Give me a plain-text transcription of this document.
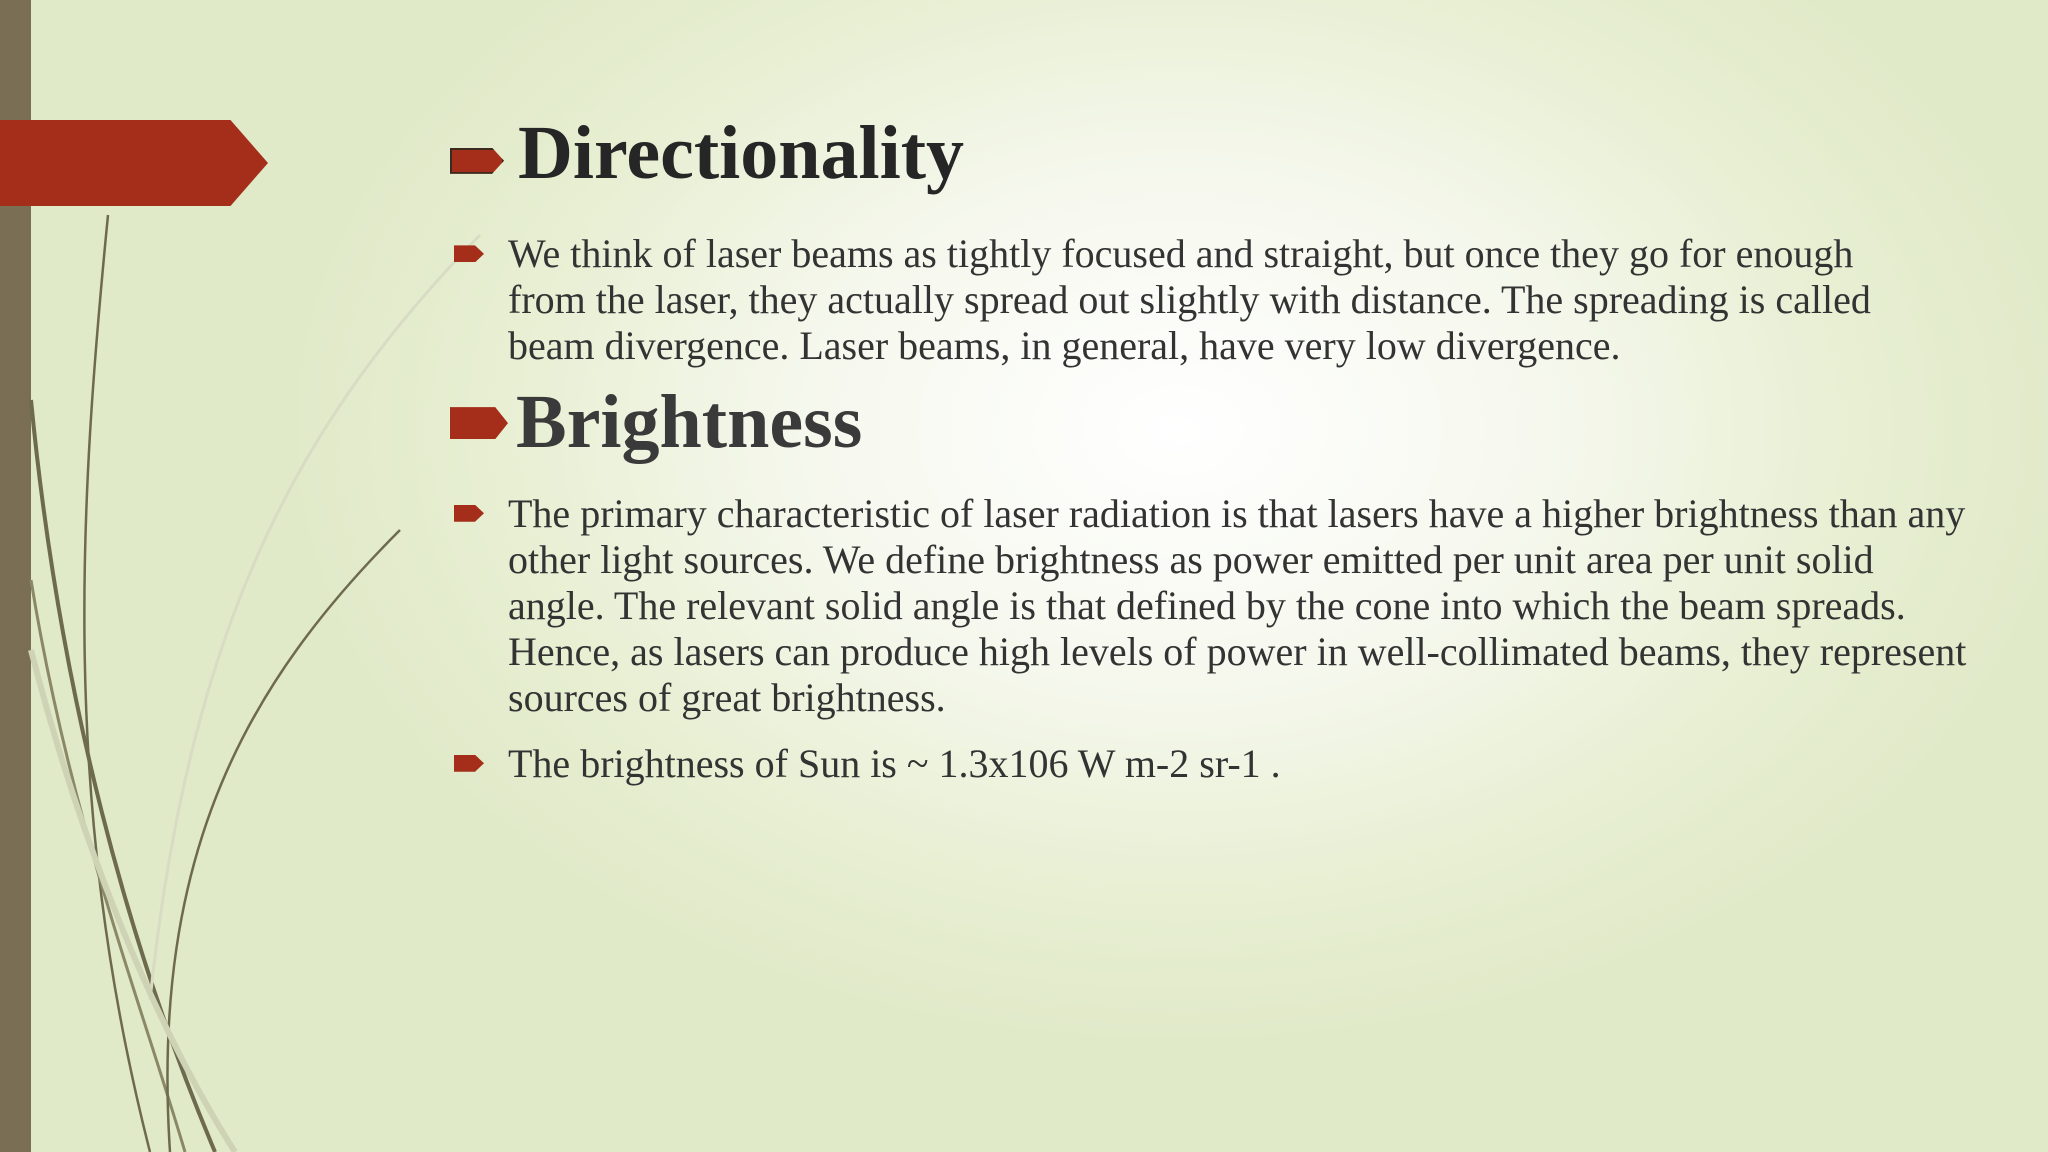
Directionality
We think of laser beams as tightly focused and straight, but once they go for enough from the laser, they actually spread out slightly with distance. The spreading is called beam divergence. Laser beams, in general, have very low divergence.
Brightness
The primary characteristic of laser radiation is that lasers have a higher brightness than any other light sources. We define brightness as power emitted per unit area per unit solid angle. The relevant solid angle is that defined by the cone into which the beam spreads. Hence, as lasers can produce high levels of power in well-collimated beams, they represent sources of great brightness.
The brightness of Sun is ~ 1.3x106 W m-2 sr-1 .
